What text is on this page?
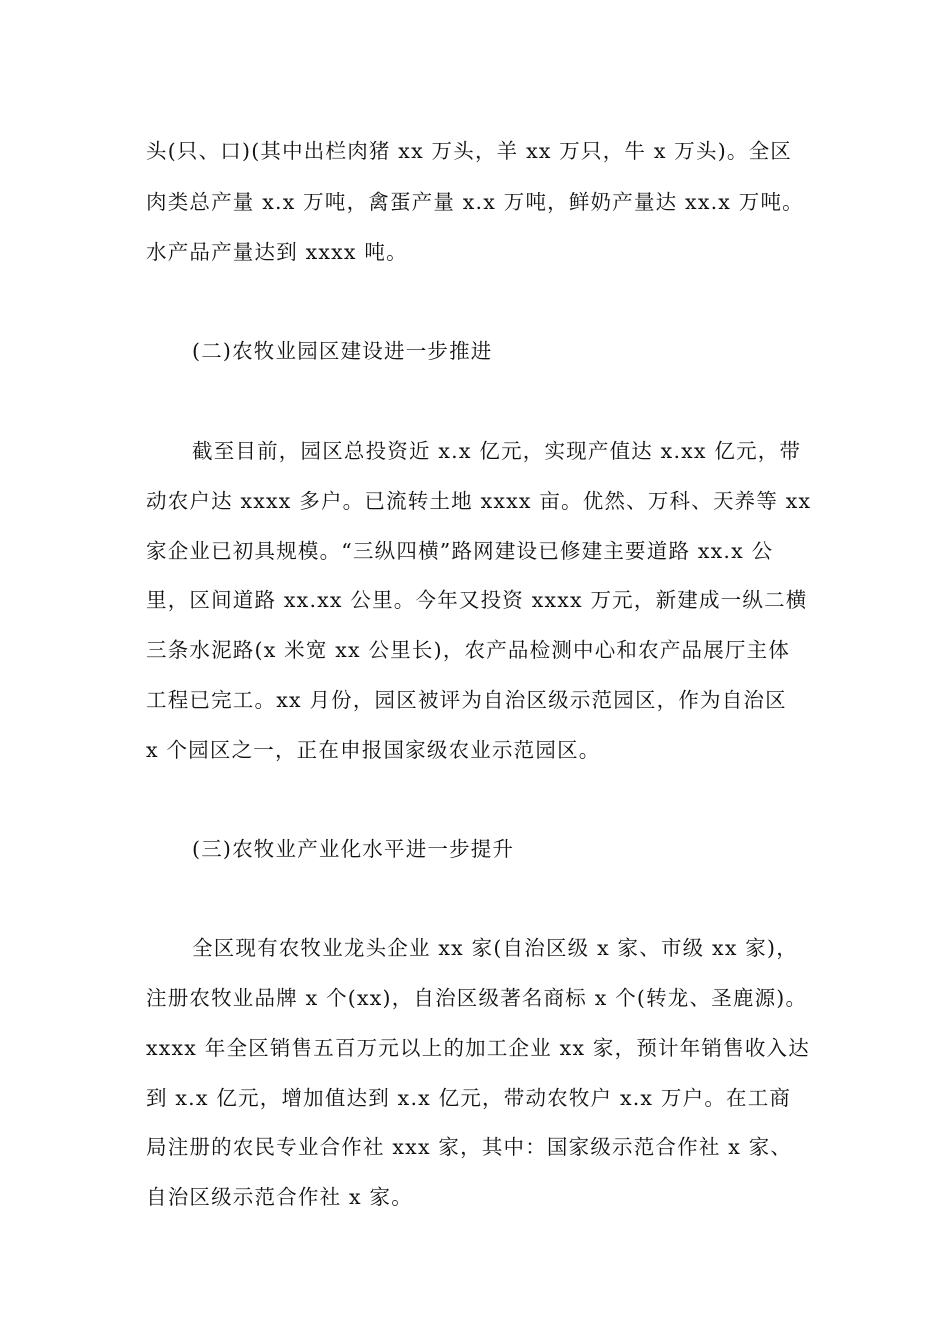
头(只、口)(其中出栏肉猪 xx 万头，羊 xx 万只，牛 x 万头)。全区
肉类总产量 x.x 万吨，禽蛋产量 x.x 万吨，鲜奶产量达 xx.x 万吨。
水产品产量达到 xxxx 吨。
(二)农牧业园区建设进一步推进
截至目前，园区总投资近 x.x 亿元，实现产值达 x.xx 亿元，带
动农户达 xxxx 多户。已流转土地 xxxx 亩。优然、万科、天养等 xx
家企业已初具规模。“三纵四横”路网建设已修建主要道路 xx.x 公
里，区间道路 xx.xx 公里。今年又投资 xxxx 万元，新建成一纵二横
三条水泥路(x 米宽 xx 公里长)，农产品检测中心和农产品展厅主体
工程已完工。xx 月份，园区被评为自治区级示范园区，作为自治区
x 个园区之一，正在申报国家级农业示范园区。
(三)农牧业产业化水平进一步提升
全区现有农牧业龙头企业 xx 家(自治区级 x 家、市级 xx 家)，
注册农牧业品牌 x 个(xx)，自治区级著名商标 x 个(转龙、圣鹿源)。
xxxx 年全区销售五百万元以上的加工企业 xx 家，预计年销售收入达
到 x.x 亿元，增加值达到 x.x 亿元，带动农牧户 x.x 万户。在工商
局注册的农民专业合作社 xxx 家，其中：国家级示范合作社 x 家、
自治区级示范合作社 x 家。
